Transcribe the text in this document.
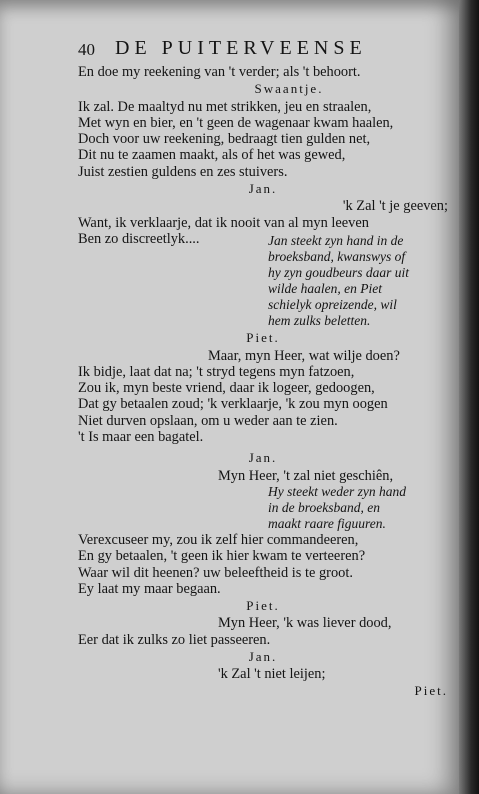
40 DE PUITERVEENSE
En doe my reekening van 't verder; als 't behoort.
Swaantje.
Ik zal. De maaltyd nu met strikken, jeu en straalen,
Met wyn en bier, en 't geen de wagenaar kwam haalen,
Doch voor uw reekening, bedraagt tien gulden net,
Dit nu te zaamen maakt, als of het was gewed,
Juist zestien guldens en zes stuivers.
Jan.
'k Zal 't je geeven;
Want, ik verklaarje, dat ik nooit van al myn leeven
Ben zo discreetlyk....	Jan steekt zyn hand in de
broeksband, kwanswys of
hy zyn goudbeurs daar uit
wilde haalen, en Piet
schielyk opreizende, wil
hem zulks beletten.
Piet.
Maar, myn Heer, wat wilje doen?
Ik bidje, laat dat na; 't stryd tegens myn fatzoen,
Zou ik, myn beste vriend, daar ik logeer, gedoogen,
Dat gy betaalen zoud; 'k verklaarje, 'k zou myn oogen
Niet durven opslaan, om u weder aan te zien.
't Is maar een bagatel.
Jan.
Myn Heer, 't zal niet geschiên,
Hy steekt weder zyn hand
in de broeksband, en
maakt raare figuuren.
Verexcuseer my, zou ik zelf hier commandeeren,
En gy betaalen, 't geen ik hier kwam te verteeren?
Waar wil dit heenen? uw beleeftheid is te groot.
Ey laat my maar begaan.
Piet.
Myn Heer, 'k was liever dood,
Eer dat ik zulks zo liet passeeren.
Jan.
'k Zal 't niet leijen;
Piet.
